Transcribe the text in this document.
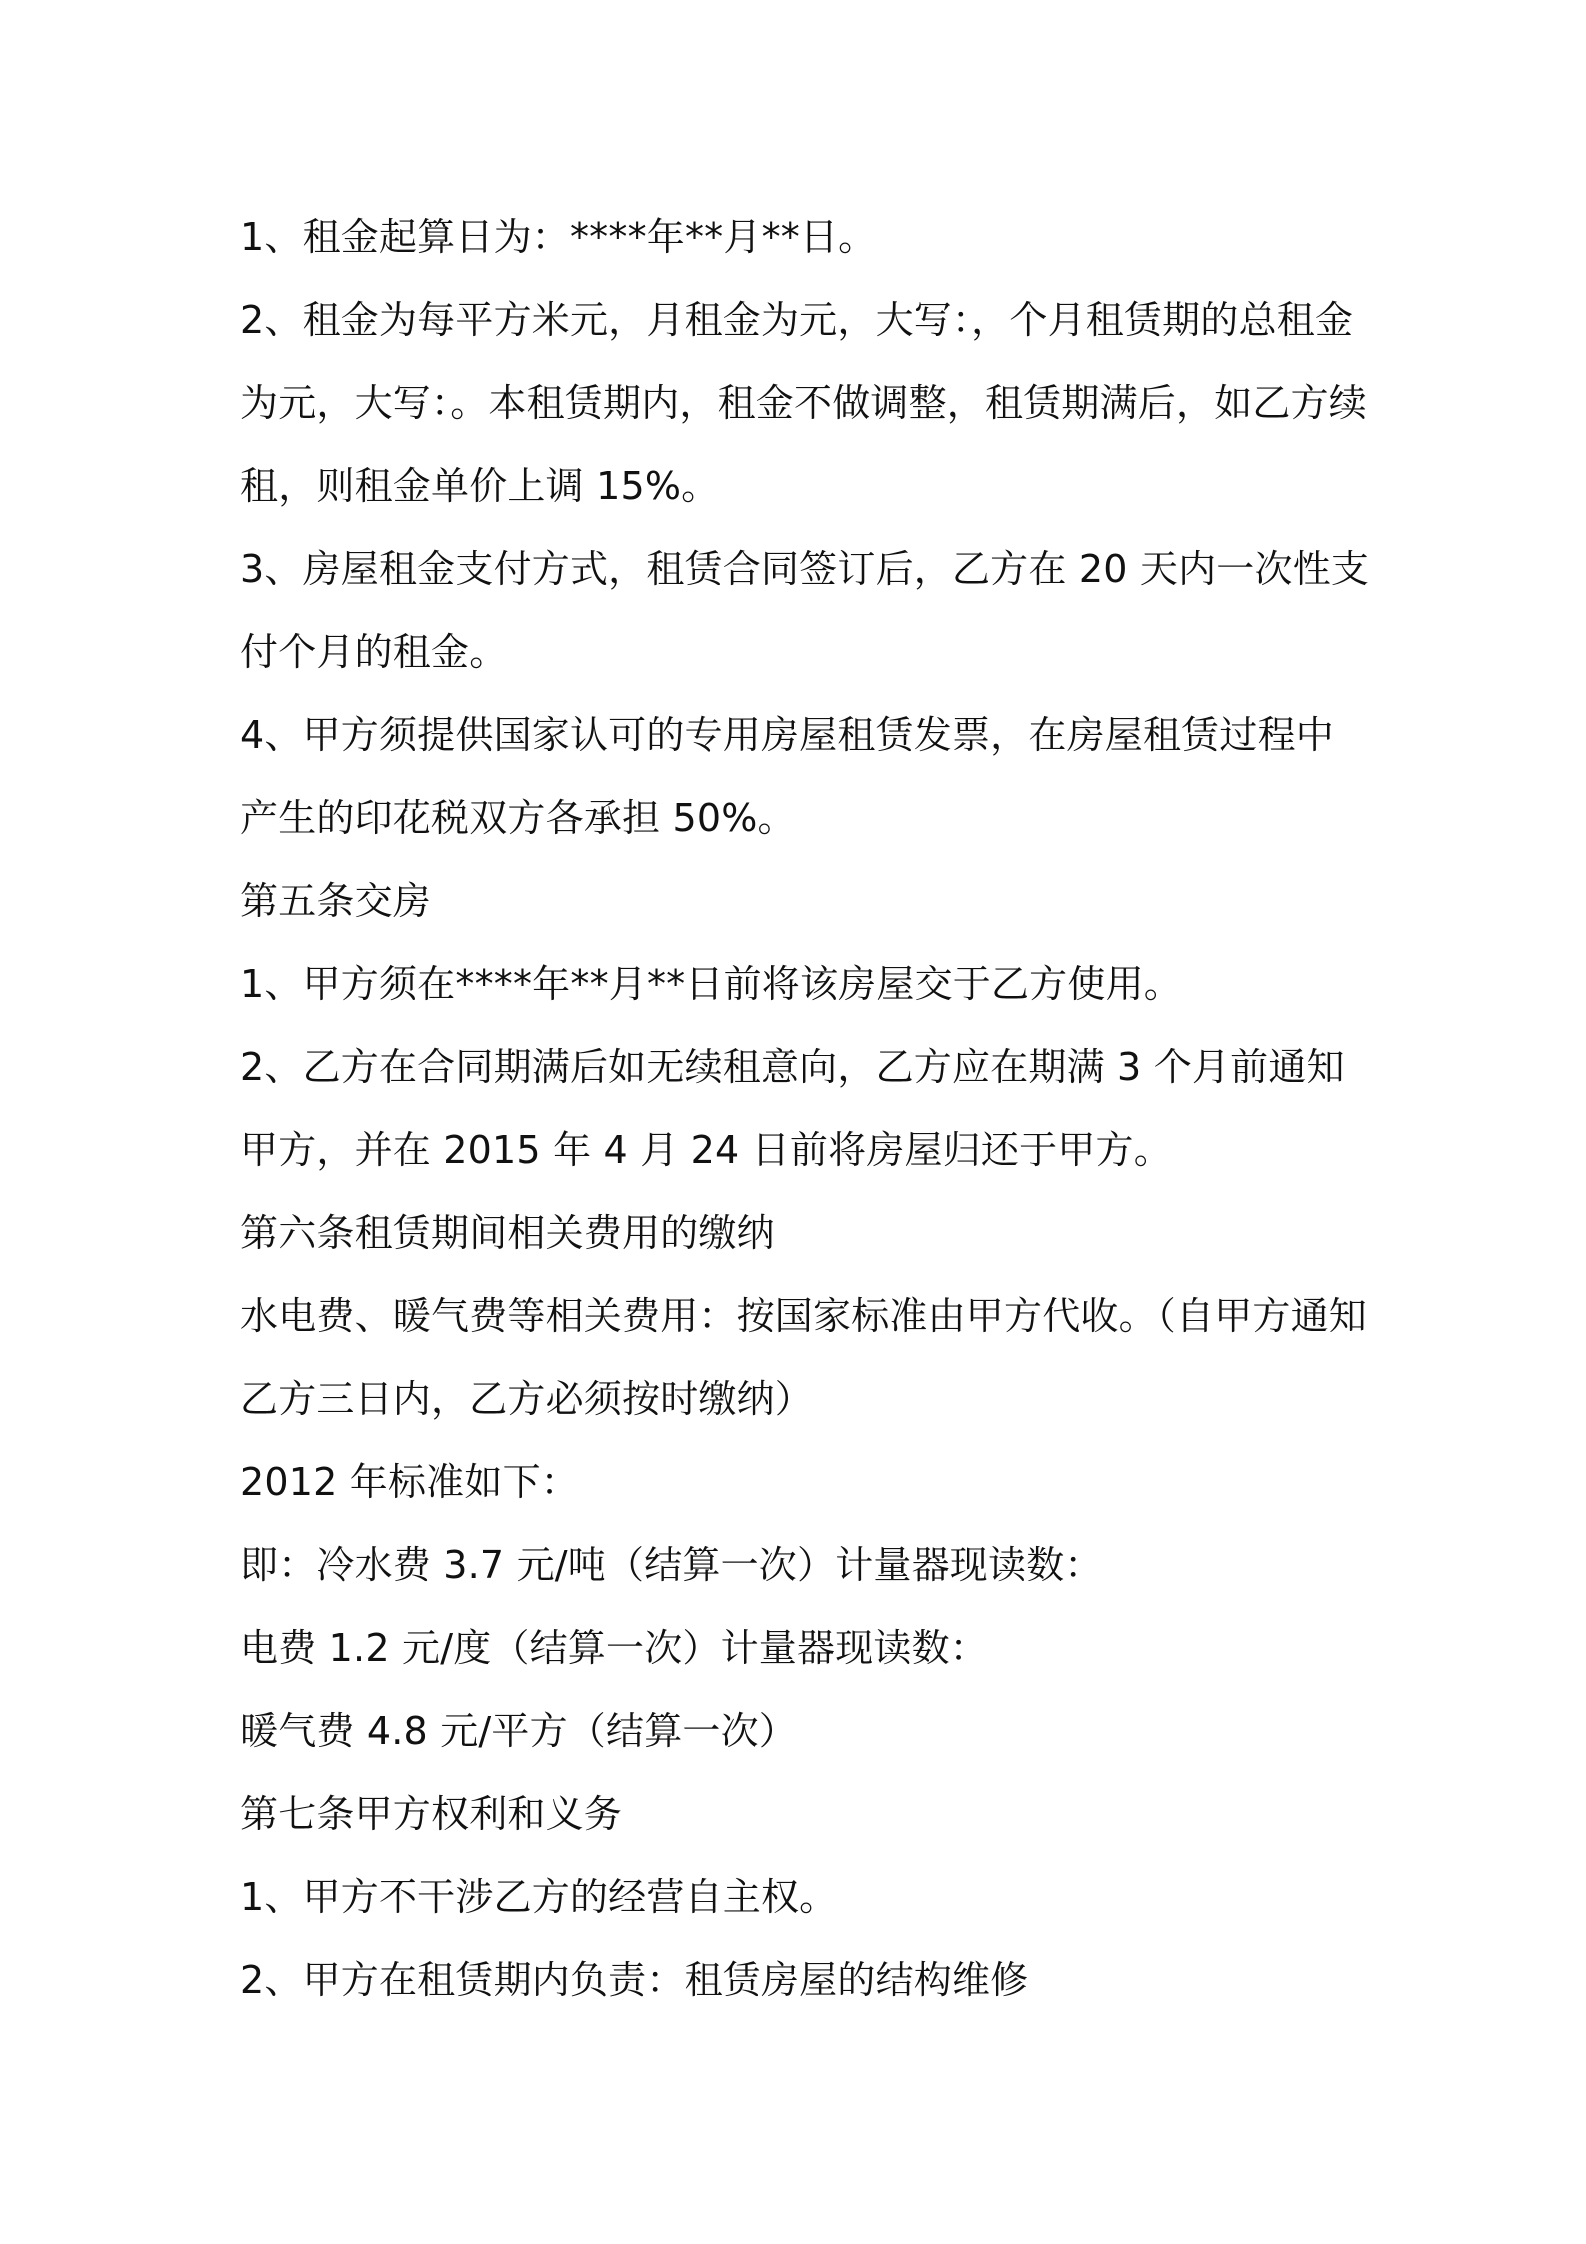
1、租金起算日为：****年**月**日。

2、租金为每平方米元，月租金为元，大写：，个月租赁期的总租金为元，大写：。本租赁期内，租金不做调整，租赁期满后，如乙方续租，则租金单价上调 15%。

3、房屋租金支付方式，租赁合同签订后，乙方在 20 天内一次性支付个月的租金。

4、甲方须提供国家认可的专用房屋租赁发票，在房屋租赁过程中产生的印花税双方各承担 50%。

第五条交房

1、甲方须在****年**月**日前将该房屋交于乙方使用。

2、乙方在合同期满后如无续租意向，乙方应在期满 3 个月前通知甲方，并在 2015 年 4 月 24 日前将房屋归还于甲方。

第六条租赁期间相关费用的缴纳

水电费、暖气费等相关费用：按国家标准由甲方代收。（自甲方通知乙方三日内，乙方必须按时缴纳）

2012 年标准如下：

即：冷水费 3.7 元/吨（结算一次）计量器现读数：

电费 1.2 元/度（结算一次）计量器现读数：

暖气费 4.8 元/平方（结算一次）

第七条甲方权利和义务

1、甲方不干涉乙方的经营自主权。

2、甲方在租赁期内负责：租赁房屋的结构维修
